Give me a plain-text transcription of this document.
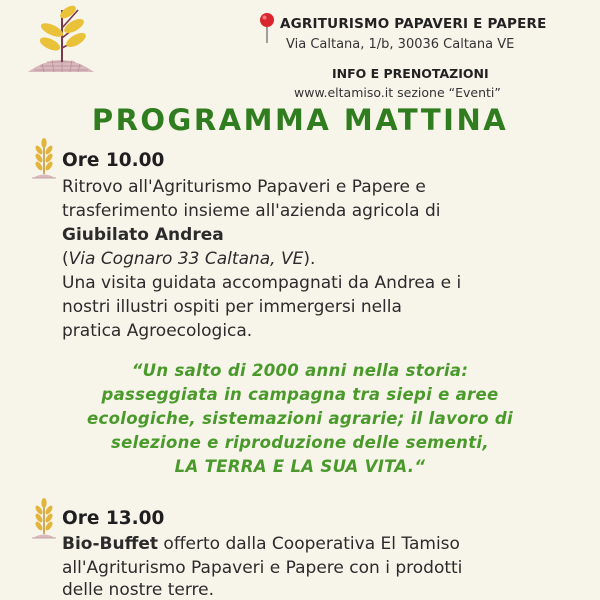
AGRITURISMO PAPAVERI E PAPERE
Via Caltana, 1/b, 30036 Caltana VE
INFO E PRENOTAZIONI
www.eltamiso.it sezione “Eventi”
PROGRAMMA MATTINA
Ore 10.00
Ritrovo all'Agriturismo Papaveri e Papere e
trasferimento insieme all'azienda agricola di
Giubilato Andrea
(Via Cognaro 33 Caltana, VE).
Una visita guidata accompagnati da Andrea e i
nostri illustri ospiti per immergersi nella
pratica Agroecologica.
“Un salto di 2000 anni nella storia:
passeggiata in campagna tra siepi e aree
ecologiche, sistemazioni agrarie; il lavoro di
selezione e riproduzione delle sementi,
LA TERRA E LA SUA VITA.“
Ore 13.00
Bio-Buffet offerto dalla Cooperativa El Tamiso
all'Agriturismo Papaveri e Papere con i prodotti
delle nostre terre.
